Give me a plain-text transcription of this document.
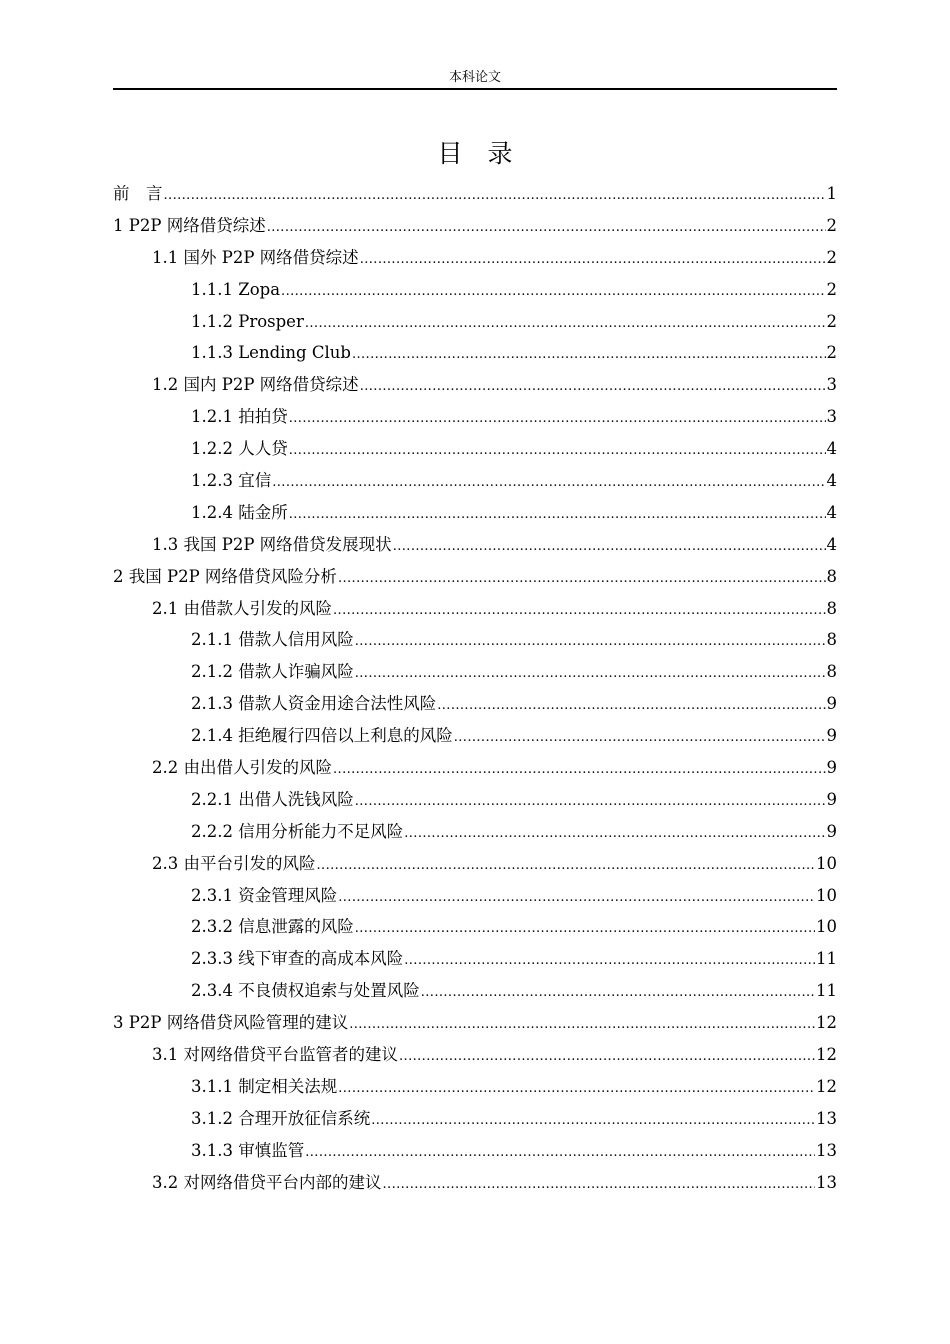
本科论文
目　录
前　言 .....	1
1 P2P 网络借贷综述 .....	2
1.1 国外 P2P 网络借贷综述 .....	2
1.1.1 Zopa .....	2
1.1.2 Prosper .....	2
1.1.3 Lending Club .....	2
1.2 国内 P2P 网络借贷综述 .....	3
1.2.1 拍拍贷 .....	3
1.2.2 人人贷 .....	4
1.2.3 宜信 .....	4
1.2.4 陆金所 .....	4
1.3 我国 P2P 网络借贷发展现状 .....	4
2 我国 P2P 网络借贷风险分析 .....	8
2.1 由借款人引发的风险 .....	8
2.1.1 借款人信用风险 .....	8
2.1.2 借款人诈骗风险 .....	8
2.1.3 借款人资金用途合法性风险 .....	9
2.1.4 拒绝履行四倍以上利息的风险 .....	9
2.2 由出借人引发的风险 .....	9
2.2.1 出借人洗钱风险 .....	9
2.2.2 信用分析能力不足风险 .....	9
2.3 由平台引发的风险 .....	10
2.3.1 资金管理风险 .....	10
2.3.2 信息泄露的风险 .....	10
2.3.3 线下审查的高成本风险 .....	11
2.3.4 不良债权追索与处置风险 .....	11
3 P2P 网络借贷风险管理的建议 .....	12
3.1 对网络借贷平台监管者的建议 .....	12
3.1.1 制定相关法规 .....	12
3.1.2 合理开放征信系统 .....	13
3.1.3 审慎监管 .....	13
3.2 对网络借贷平台内部的建议 .....	13
